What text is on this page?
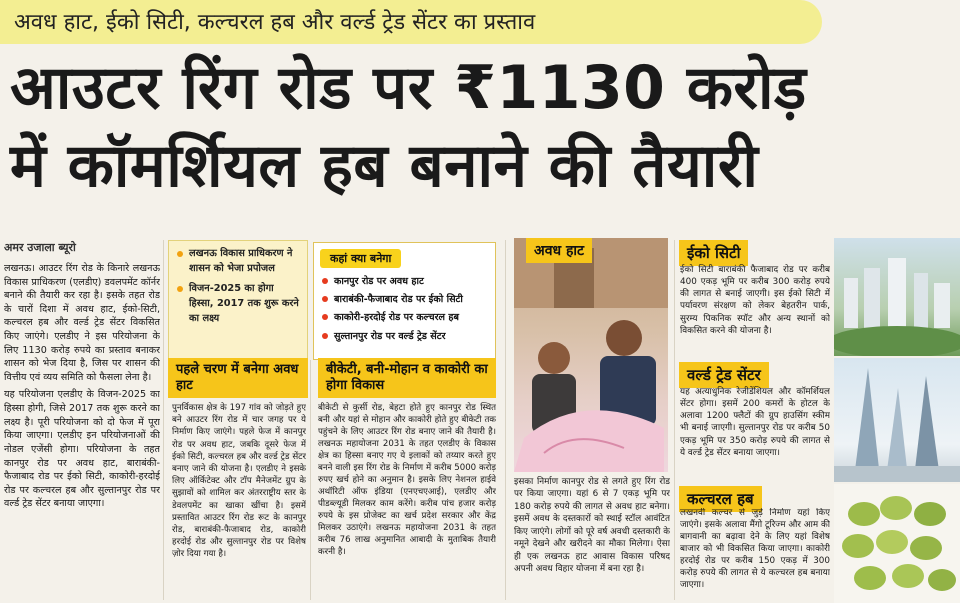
अवध हाट, ईको सिटी, कल्चरल हब और वर्ल्ड ट्रेड सेंटर का प्रस्ताव
आउटर रिंग रोड पर ₹1130 करोड़
में कॉमर्शियल हब बनाने की तैयारी
अमर उजाला ब्यूरो

लखनऊ। आउटर रिंग रोड के किनारे लखनऊ विकास प्राधिकरण (एलडीए) डवलपमेंट कॉर्नर बनाने की तैयारी कर रहा है। इसके तहत रोड के चारों दिशा में अवध हाट, ईको-सिटी, कल्चरल हब और वर्ल्ड ट्रेड सेंटर विकसित किए जाएंगे। एलडीए ने इस परियोजना के लिए 1130 करोड़ रुपये का प्रस्ताव बनाकर शासन को भेज दिया है, जिस पर शासन की वित्तीय एवं व्यय समिति को फैसला लेना है।

यह परियोजना एलडीए के विजन-2025 का हिस्सा होगी, जिसे 2017 तक शुरू करने का लक्ष्य है। पूरी परियोजना को दो फेज में पूरा किया जाएगा। एलडीए इन परियोजनाओं की नोडल एजेंसी होगा। परियोजना के तहत कानपुर रोड पर अवध हाट, बाराबंकी-फैजाबाद रोड पर ईको सिटी, काकोरी-हरदोई रोड पर कल्चरल हब और सुल्तानपुर रोड पर वर्ल्ड ट्रेड सेंटर बनाया जाएगा।

लखनऊ विकास प्राधिकरण ने शासन को भेजा प्रपोजल
विजन-2025 का होगा हिस्सा, 2017 तक शुरू करने का लक्ष्य
कहां क्या बनेगा
कानपुर रोड पर अवध हाट
बाराबंकी-फैजाबाद रोड पर ईको सिटी
काकोरी-हरदोई रोड पर कल्चरल हब
सुल्तानपुर रोड पर वर्ल्ड ट्रेड सेंटर
पहले चरण में बनेगा अवध हाट
पुनर्विकास क्षेत्र के 197 गांव को जोड़ते हुए बने आउटर रिंग रोड में चार जगह पर ये निर्माण किए जाएंगे। पहले फेज में कानपुर रोड पर अवध हाट, जबकि दूसरे फेज में ईको सिटी, कल्चरल हब और वर्ल्ड ट्रेड सेंटर बनाए जाने की योजना है। एलडीए ने इसके लिए ऑर्किटेक्ट और टॉप मैनेजमेंट ग्रुप के सुझावों को शामिल कर अंतरराष्ट्रीय स्तर के डेवलपमेंट का खाका खींचा है। इसमें प्रस्तावित आउटर रिंग रोड रूट के कानपुर रोड, बाराबंकी-फैजाबाद रोड, काकोरी हरदोई रोड और सुल्तानपुर रोड पर विशेष ज़ोर दिया गया है।
बीकेटी, बनी-मोहान व काकोरी का होगा विकास
बीकेटी से कुर्सी रोड, बेहटा होते हुए कानपुर रोड स्थित बनी और यहां से मोहान और काकोरी होते हुए बीकेटी तक पहुंचने के लिए आउटर रिंग रोड बनाए जाने की तैयारी है। लखनऊ महायोजना 2031 के तहत एलडीए के विकास क्षेत्र का हिस्सा बनाए गए ये इलाकों को तय्यार करते हुए बनने वाली इस रिंग रोड के निर्माण में करीब 5000 करोड़ रुपए खर्च होने का अनुमान है। इसके लिए नेशनल हाईवे अथॉरिटी ऑफ इंडिया (एनएचएआई), एलडीए और पीडब्ल्यूडी मिलकर काम करेंगे। करीब पांच हजार करोड़ रुपये के इस प्रोजेक्ट का खर्च प्रदेश सरकार और केंद्र मिलकर उठाएंगे। लखनऊ महायोजना 2031 के तहत करीब 76 लाख अनुमानित आबादी के मुताबिक तैयारी करनी है।
अवध हाट
इसका निर्माण कानपुर रोड से लगते हुए रिंग रोड पर किया जाएगा। यहां 6 से 7 एकड़ भूमि पर 180 करोड़ रुपये की लागत से अवध हाट बनेगा। इसमें अवध के दस्तकारों को स्थाई स्टॉल आवंटित किए जाएंगे। लोगों को पूरे वर्ष अवधी दस्तकारी के नमूने देखने और खरीदने का मौका मिलेगा। ऐसा ही एक लखनऊ हाट आवास विकास परिषद अपनी अवध विहार योजना में बना रहा है।
ईको सिटी
ईको सिटी बाराबंकी फैजाबाद रोड पर करीब 400 एकड़ भूमि पर करीब 300 करोड़ रुपये की लागत से बनाई जाएगी। इस ईको सिटी में पर्यावरण संरक्षण को लेकर बेहतरीन पार्क, सुरम्य पिकनिक स्पॉट और अन्य स्थानों को विकसित करने की योजना है।
वर्ल्ड ट्रेड सेंटर
यह अत्याधुनिक रेजीडेंशियल और कॉमर्शियल सेंटर होगा। इसमें 200 कमरों के होटल के अलावा 1200 फ्लैटों की ग्रुप हाउसिंग स्कीम भी बनाई जाएगी। सुल्तानपुर रोड पर करीब 50 एकड़ भूमि पर 350 करोड़ रुपये की लागत से ये वर्ल्ड ट्रेड सेंटर बनाया जाएगा।
कल्चरल हब
लखनवी कल्चर से जुड़े निर्माण यहां किए जाएंगे। इसके अलावा मैंगो टूरिज्म और आम की बागवानी का बढ़ावा देने के लिए यहां विशेष बाजार को भी विकसित किया जाएगा। काकोरी हरदोई रोड पर करीब 150 एकड़ में 300 करोड़ रुपये की लागत से ये कल्चरल हब बनाया जाएगा।
